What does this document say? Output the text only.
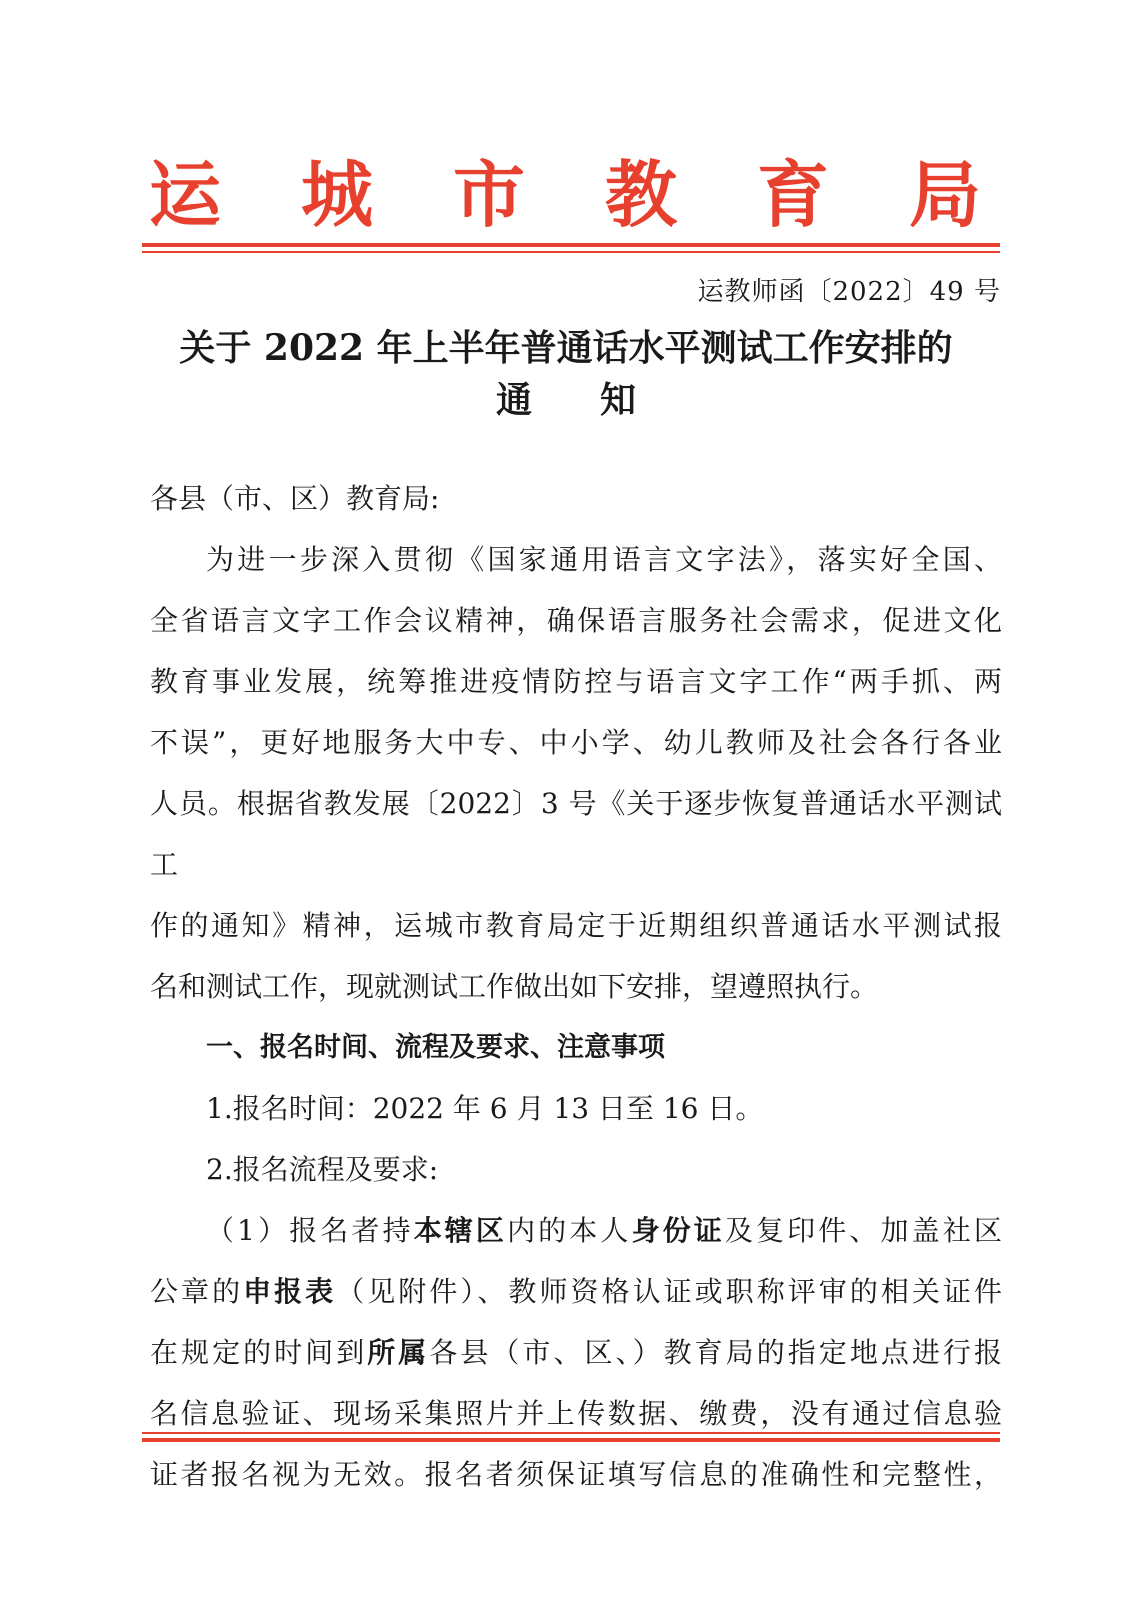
运 城 市 教 育 局
运教师函〔2022〕49 号
关于 2022 年上半年普通话水平测试工作安排的
通知

各县（市、区）教育局:

为进一步深入贯彻《国家通用语言文字法》，落实好全国、

全省语言文字工作会议精神，确保语言服务社会需求，促进文化

教育事业发展，统筹推进疫情防控与语言文字工作“两手抓、两

不误”，更好地服务大中专、中小学、幼儿教师及社会各行各业

人员。根据省教发展〔2022〕3 号《关于逐步恢复普通话水平测试工

作的通知》精神，运城市教育局定于近期组织普通话水平测试报

名和测试工作，现就测试工作做出如下安排，望遵照执行。

一、报名时间、流程及要求、注意事项

1.报名时间：2022 年 6 月 13 日至 16 日。

2.报名流程及要求:

（1）报名者持本辖区内的本人身份证及复印件、加盖社区

公章的申报表（见附件）、教师资格认证或职称评审的相关证件

在规定的时间到所属各县（市、区、）教育局的指定地点进行报

名信息验证、现场采集照片并上传数据、缴费，没有通过信息验

证者报名视为无效。报名者须保证填写信息的准确性和完整性，
